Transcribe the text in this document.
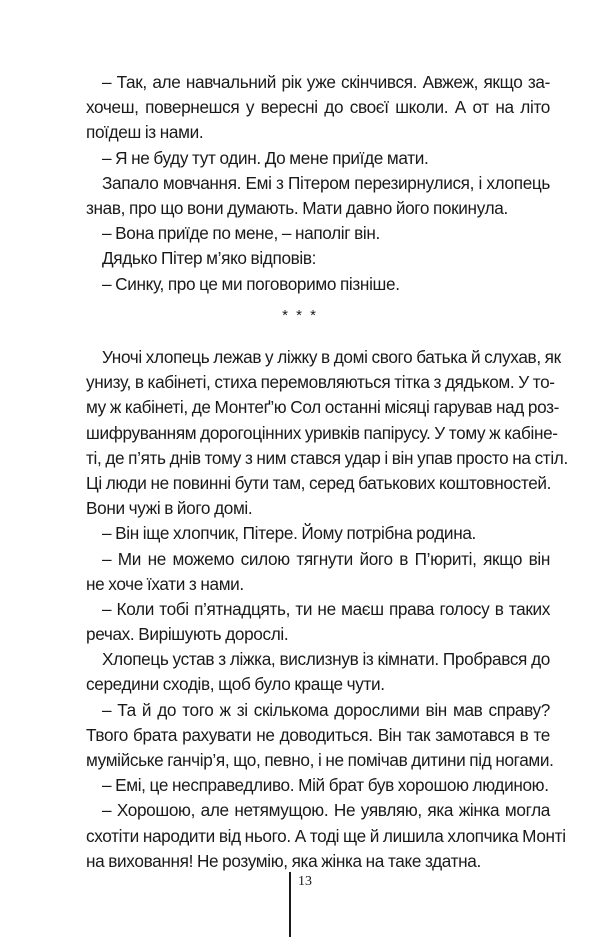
– Так, але навчальний рік уже скінчився. Авжеж, якщо за-
хочеш, повернешся у вересні до своєї школи. А от на літо
поїдеш із нами.
– Я не буду тут один. До мене приїде мати.
Запало мовчання. Емі з Пітером перезирнулися, і хлопець
знав, про що вони думають. Мати давно його покинула.
– Вона приїде по мене, – наполіг він.
Дядько Пітер м’яко відповів:
– Синку, про це ми поговоримо пізніше.
Уночі хлопець лежав у ліжку в домі свого батька й слухав, як
унизу, в кабінеті, стиха перемовляються тітка з дядьком. У то-
му ж кабінеті, де Монтеґ’ю Сол останні місяці гарував над роз-
шифруванням дорогоцінних уривків папірусу. У тому ж кабіне-
ті, де п’ять днів тому з ним стався удар і він упав просто на стіл.
Ці люди не повинні бути там, серед батькових коштовностей.
Вони чужі в його домі.
– Він іще хлопчик, Пітере. Йому потрібна родина.
– Ми не можемо силою тягнути його в П’юриті, якщо він
не хоче їхати з нами.
– Коли тобі п’ятнадцять, ти не маєш права голосу в таких
речах. Вирішують дорослі.
Хлопець устав з ліжка, вислизнув із кімнати. Пробрався до
середини сходів, щоб було краще чути.
– Та й до того ж зі скількома дорослими він мав справу?
Твого брата рахувати не доводиться. Він так замотався в те
мумійське ганчір’я, що, певно, і не помічав дитини під ногами.
– Емі, це несправедливо. Мій брат був хорошою людиною.
– Хорошою, але нетямущою. Не уявляю, яка жінка могла
схотіти народити від нього. А тоді ще й лишила хлопчика Монті
на виховання! Не розумію, яка жінка на таке здатна.
* * *
13
